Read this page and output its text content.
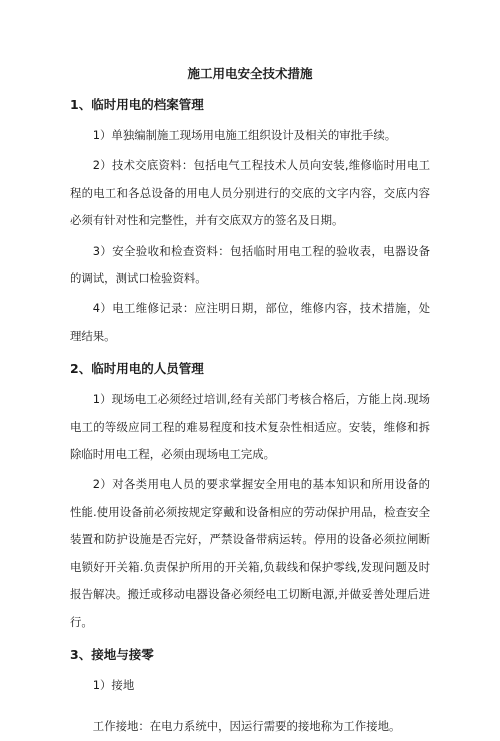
施工用电安全技术措施
1、临时用电的档案管理

1）单独编制施工现场用电施工组织设计及相关的审批手续。

2）技术交底资料：包括电气工程技术人员向安装,维修临时用电工程的电工和各总设备的用电人员分别进行的交底的文字内容，交底内容必须有针对性和完整性，并有交底双方的签名及日期。

3）安全验收和检查资料：包括临时用电工程的验收表，电器设备的调试，测试口检验资料。

4）电工维修记录：应注明日期，部位，维修内容，技术措施，处理结果。

2、临时用电的人员管理

1）现场电工必须经过培训,经有关部门考核合格后，方能上岗.现场电工的等级应同工程的难易程度和技术复杂性相适应。安装，维修和拆除临时用电工程，必须由现场电工完成。

2）对各类用电人员的要求掌握安全用电的基本知识和所用设备的性能.使用设备前必须按规定穿戴和设备相应的劳动保护用品，检查安全装置和防护设施是否完好，严禁设备带病运转。停用的设备必须拉闸断电锁好开关箱.负责保护所用的开关箱,负载线和保护零线,发现问题及时报告解决。搬迁或移动电器设备必须经电工切断电源,并做妥善处理后进行。

3、接地与接零

1）接地

工作接地：在电力系统中，因运行需要的接地称为工作接地。
